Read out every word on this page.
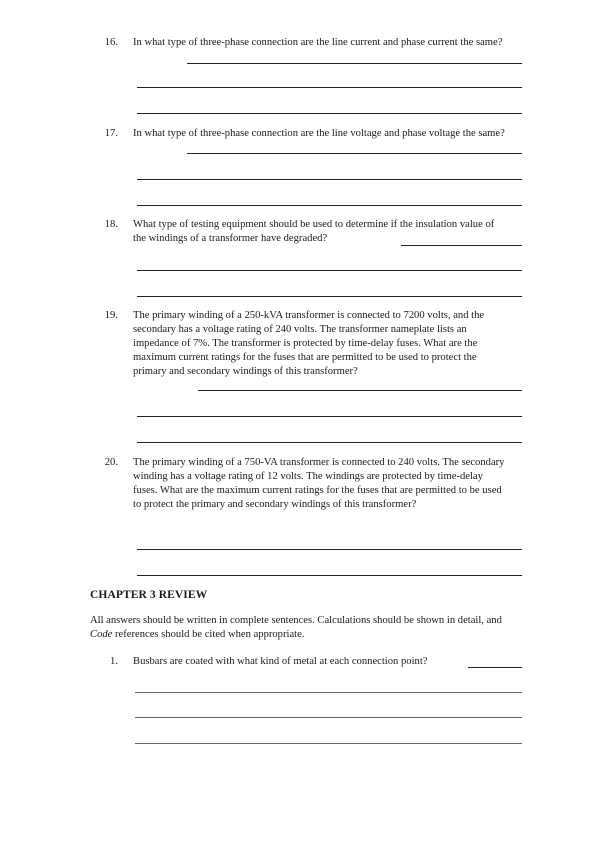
16. In what type of three-phase connection are the line current and phase current the same?
17. In what type of three-phase connection are the line voltage and phase voltage the same?
18. What type of testing equipment should be used to determine if the insulation value of the windings of a transformer have degraded?
19. The primary winding of a 250-kVA transformer is connected to 7200 volts, and the secondary has a voltage rating of 240 volts. The transformer nameplate lists an impedance of 7%. The transformer is protected by time-delay fuses. What are the maximum current ratings for the fuses that are permitted to be used to protect the primary and secondary windings of this transformer?
20. The primary winding of a 750-VA transformer is connected to 240 volts. The secondary winding has a voltage rating of 12 volts. The windings are protected by time-delay fuses. What are the maximum current ratings for the fuses that are permitted to be used to protect the primary and secondary windings of this transformer?
CHAPTER 3 REVIEW
All answers should be written in complete sentences. Calculations should be shown in detail, and Code references should be cited when appropriate.
1. Busbars are coated with what kind of metal at each connection point?
